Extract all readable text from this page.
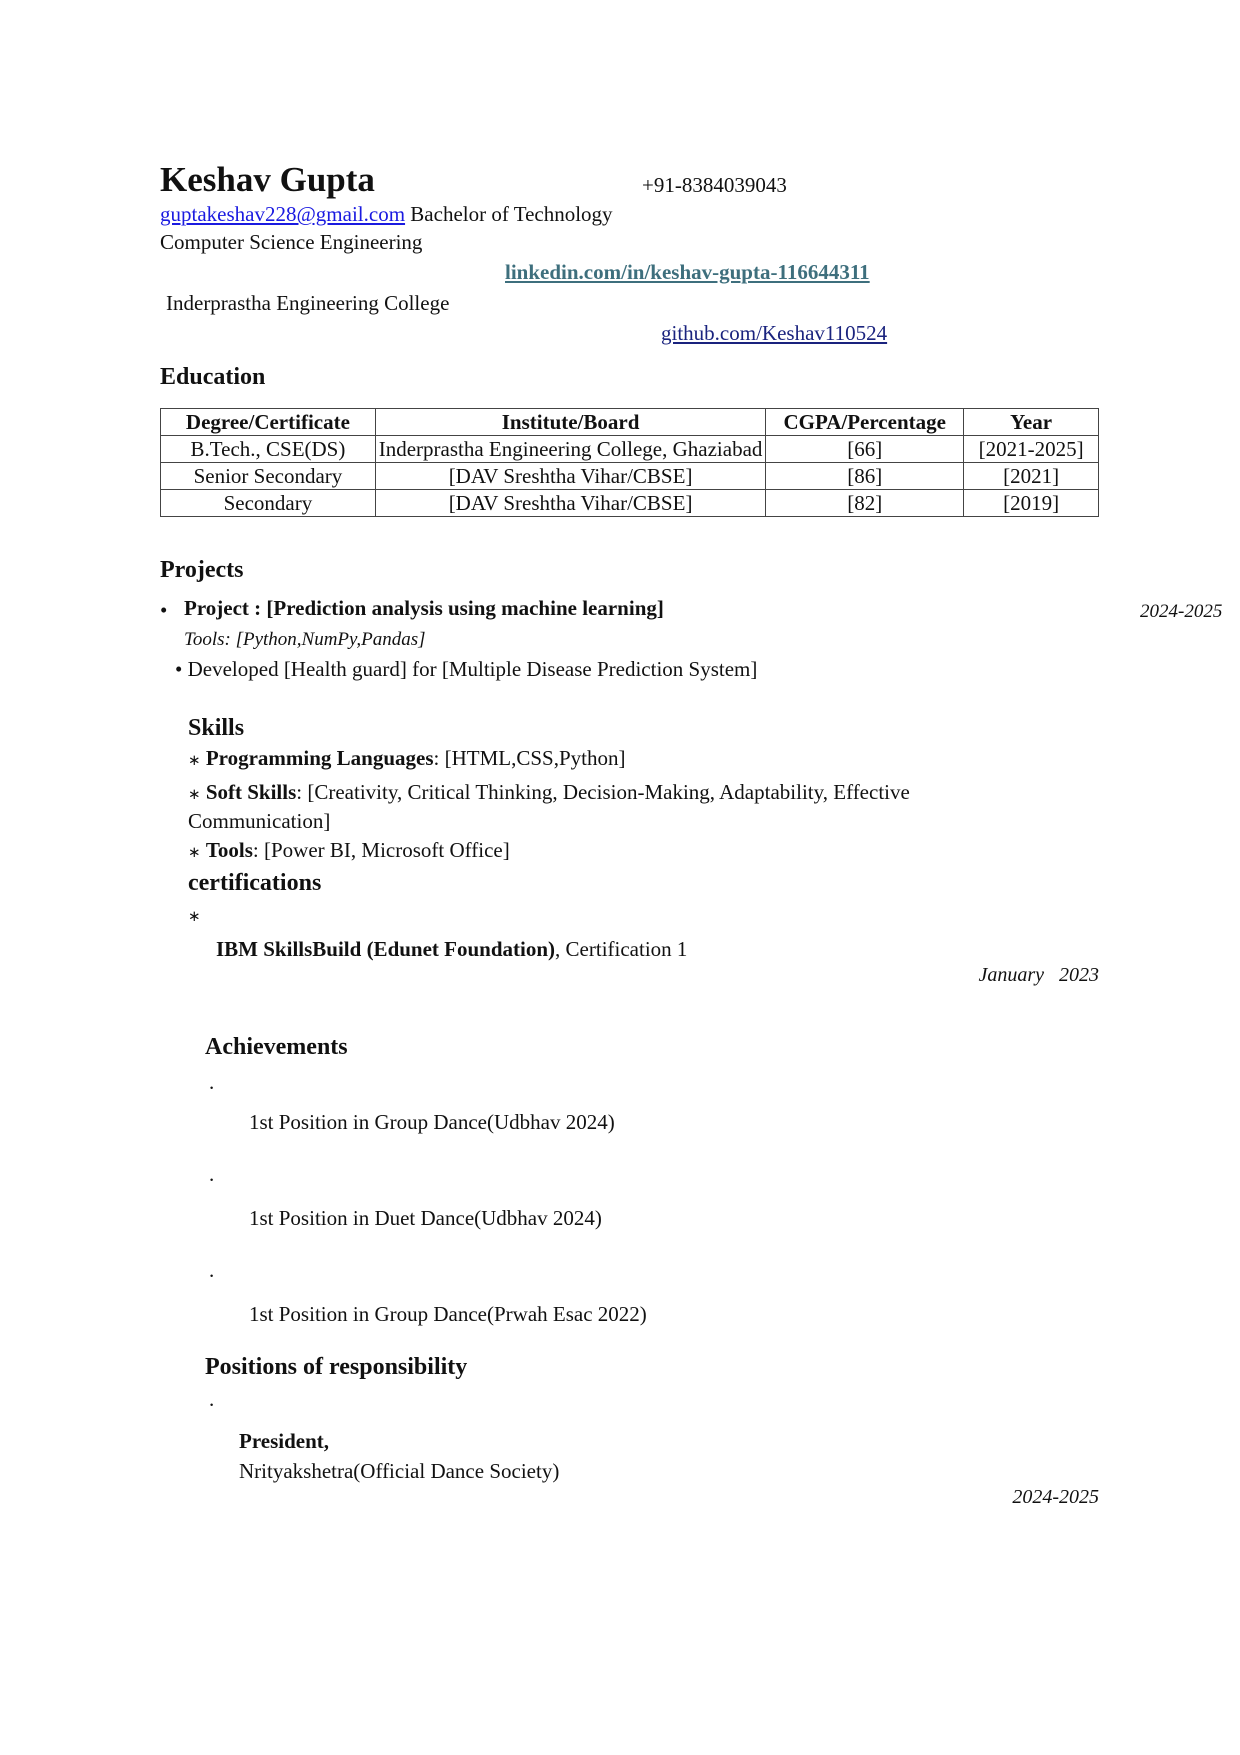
Keshav Gupta	+91-8384039043
guptakeshav228@gmail.com Bachelor of Technology
Computer Science Engineering
linkedin.com/in/keshav-gupta-116644311
Inderprastha Engineering College
github.com/Keshav110524
Education
Degree/Certificate	Institute/Board	CGPA/Percentage	Year
B.Tech., CSE(DS)	Inderprastha Engineering College, Ghaziabad	[66]	[2021-2025]
Senior Secondary	[DAV Sreshtha Vihar/CBSE]	[86]	[2021]
Secondary	[DAV Sreshtha Vihar/CBSE]	[82]	[2019]
Projects
• Project : [Prediction analysis using machine learning]	2024-2025
Tools: [Python,NumPy,Pandas]
• Developed [Health guard] for [Multiple Disease Prediction System]
Skills
∗ Programming Languages: [HTML,CSS,Python]
∗ Soft Skills: [Creativity, Critical Thinking, Decision-Making, Adaptability, Effective
Communication]
∗ Tools: [Power BI, Microsoft Office]
certifications
∗
IBM SkillsBuild (Edunet Foundation), Certification 1
January   2023
Achievements
.
1st Position in Group Dance(Udbhav 2024)
.
1st Position in Duet Dance(Udbhav 2024)
.
1st Position in Group Dance(Prwah Esac 2022)
Positions of responsibility
.
President,
Nrityakshetra(Official Dance Society)
2024-2025
